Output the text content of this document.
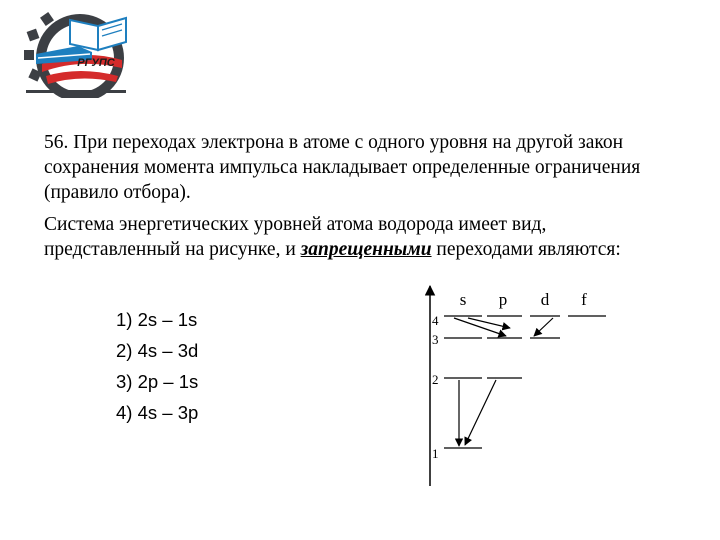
РГУПС

56. При переходах электрона в атоме с одного уровня на другой закон сохранения момента импульса накладывает определенные ограничения (правило отбора).

Система энергетических уровней атома водорода имеет вид, представленный на рисунке, и запрещенными переходами являются:

1) 2s – 1s
2) 4s – 3d
3) 2p – 1s
4) 4s – 3p
s p d f
4
3
2
1
